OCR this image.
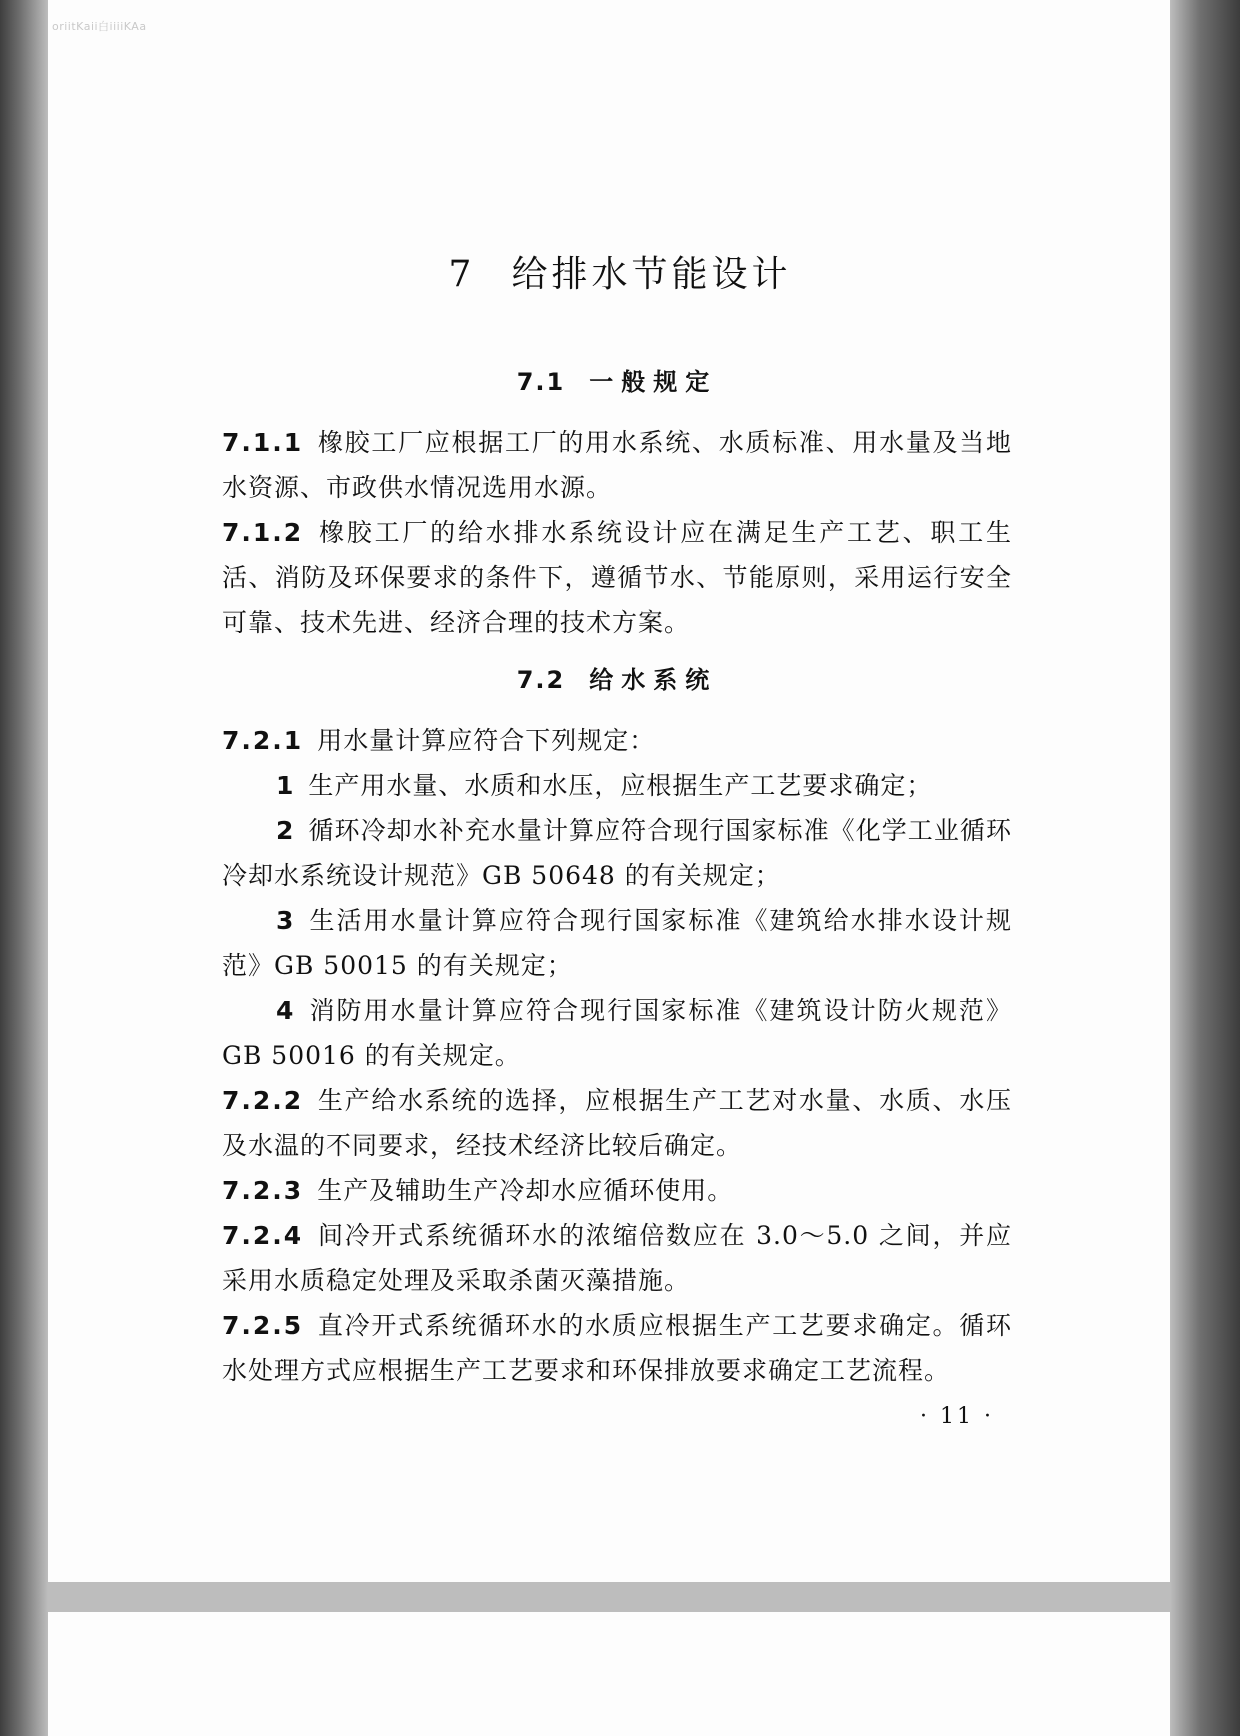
oriitKaii白iiiiKAa
7 给排水节能设计
7.1 一般规定

7.1.1 橡胶工厂应根据工厂的用水系统、水质标准、用水量及当地水资源、市政供水情况选用水源。

7.1.2 橡胶工厂的给水排水系统设计应在满足生产工艺、职工生活、消防及环保要求的条件下，遵循节水、节能原则，采用运行安全可靠、技术先进、经济合理的技术方案。

7.2 给水系统

7.2.1 用水量计算应符合下列规定：

1 生产用水量、水质和水压，应根据生产工艺要求确定；

2 循环冷却水补充水量计算应符合现行国家标准《化学工业循环冷却水系统设计规范》GB 50648 的有关规定；

3 生活用水量计算应符合现行国家标准《建筑给水排水设计规范》GB 50015 的有关规定；

4 消防用水量计算应符合现行国家标准《建筑设计防火规范》GB 50016 的有关规定。

7.2.2 生产给水系统的选择，应根据生产工艺对水量、水质、水压及水温的不同要求，经技术经济比较后确定。

7.2.3 生产及辅助生产冷却水应循环使用。

7.2.4 间冷开式系统循环水的浓缩倍数应在 3.0～5.0 之间，并应采用水质稳定处理及采取杀菌灭藻措施。

7.2.5 直冷开式系统循环水的水质应根据生产工艺要求确定。循环水处理方式应根据生产工艺要求和环保排放要求确定工艺流程。

· 11 ·
